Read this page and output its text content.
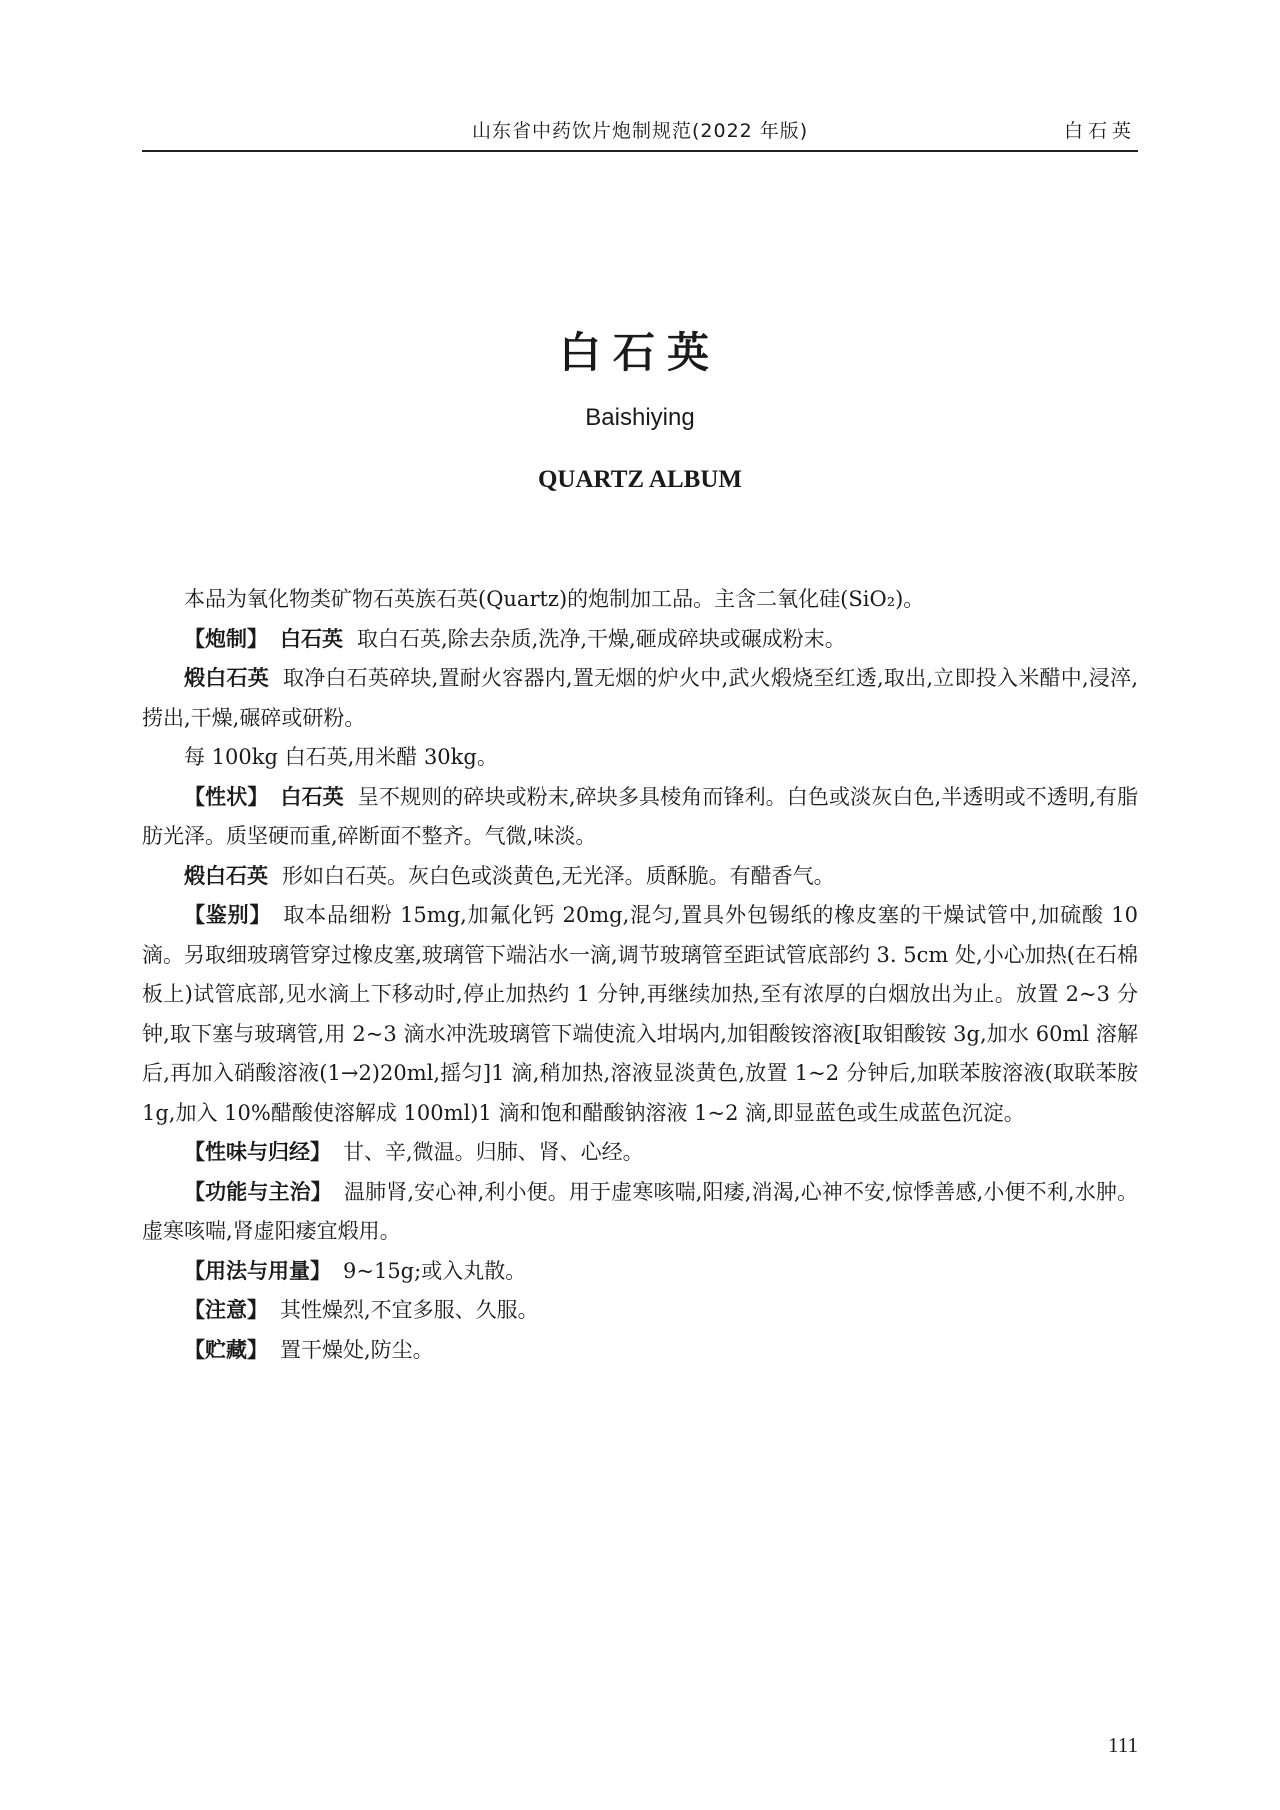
山东省中药饮片炮制规范(2022 年版)	白石英
白石英
Baishiying
QUARTZ ALBUM

本品为氧化物类矿物石英族石英(Quartz)的炮制加工品。主含二氧化硅(SiO₂)。

【炮制】 白石英 取白石英,除去杂质,洗净,干燥,砸成碎块或碾成粉末。

煅白石英 取净白石英碎块,置耐火容器内,置无烟的炉火中,武火煅烧至红透,取出,立即投入米醋中,浸淬,捞出,干燥,碾碎或研粉。

每 100kg 白石英,用米醋 30kg。

【性状】 白石英 呈不规则的碎块或粉末,碎块多具棱角而锋利。白色或淡灰白色,半透明或不透明,有脂肪光泽。质坚硬而重,碎断面不整齐。气微,味淡。

煅白石英 形如白石英。灰白色或淡黄色,无光泽。质酥脆。有醋香气。

【鉴别】 取本品细粉 15mg,加氟化钙 20mg,混匀,置具外包锡纸的橡皮塞的干燥试管中,加硫酸 10 滴。另取细玻璃管穿过橡皮塞,玻璃管下端沾水一滴,调节玻璃管至距试管底部约 3. 5cm 处,小心加热(在石棉板上)试管底部,见水滴上下移动时,停止加热约 1 分钟,再继续加热,至有浓厚的白烟放出为止。放置 2~3 分钟,取下塞与玻璃管,用 2~3 滴水冲洗玻璃管下端使流入坩埚内,加钼酸铵溶液[取钼酸铵 3g,加水 60ml 溶解后,再加入硝酸溶液(1→2)20ml,摇匀]1 滴,稍加热,溶液显淡黄色,放置 1~2 分钟后,加联苯胺溶液(取联苯胺 1g,加入 10%醋酸使溶解成 100ml)1 滴和饱和醋酸钠溶液 1~2 滴,即显蓝色或生成蓝色沉淀。

【性味与归经】 甘、辛,微温。归肺、肾、心经。

【功能与主治】 温肺肾,安心神,利小便。用于虚寒咳喘,阳痿,消渴,心神不安,惊悸善感,小便不利,水肿。虚寒咳喘,肾虚阳痿宜煅用。

【用法与用量】 9~15g;或入丸散。

【注意】 其性燥烈,不宜多服、久服。

【贮藏】 置干燥处,防尘。

111
